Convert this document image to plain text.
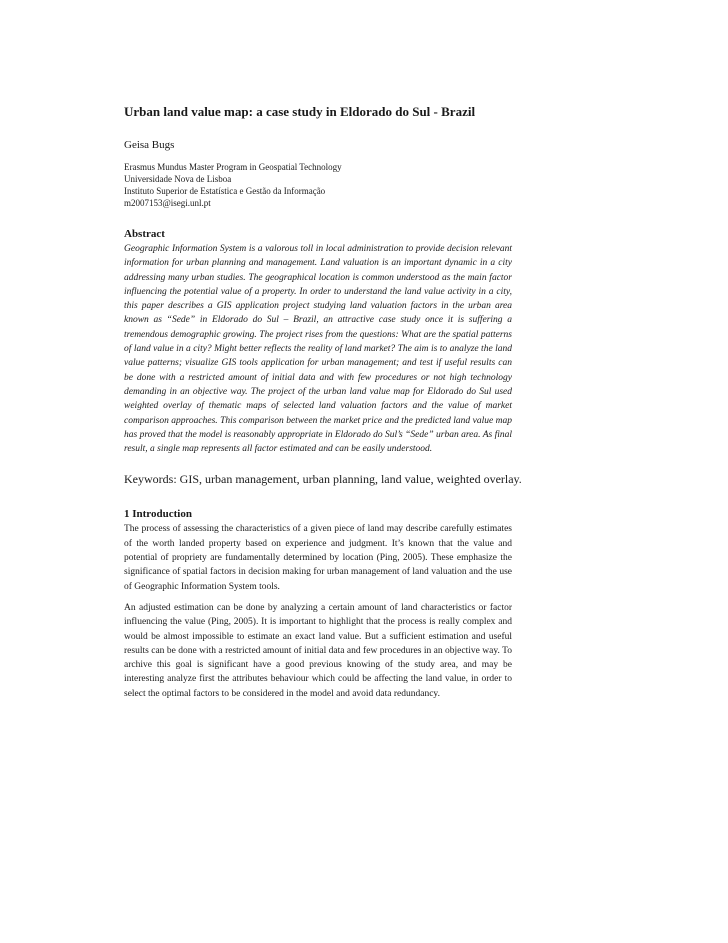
Urban land value map: a case study in Eldorado do Sul - Brazil

Geisa Bugs

Erasmus Mundus Master Program in Geospatial Technology

Universidade Nova de Lisboa

Instituto Superior de Estatística e Gestão da Informação

m2007153@isegi.unl.pt

Abstract

Geographic Information System is a valorous toll in local administration to provide decision relevant information for urban planning and management. Land valuation is an important dynamic in a city addressing many urban studies. The geographical location is common understood as the main factor influencing the potential value of a property. In order to understand the land value activity in a city, this paper describes a GIS application project studying land valuation factors in the urban area known as “Sede” in Eldorado do Sul – Brazil, an attractive case study once it is suffering a tremendous demographic growing. The project rises from the questions: What are the spatial patterns of land value in a city? Might better reflects the reality of land market? The aim is to analyze the land value patterns; visualize GIS tools application for urban management; and test if useful results can be done with a restricted amount of initial data and with few procedures or not high technology demanding in an objective way. The project of the urban land value map for Eldorado do Sul used weighted overlay of thematic maps of selected land valuation factors and the value of market comparison approaches. This comparison between the market price and the predicted land value map has proved that the model is reasonably appropriate in Eldorado do Sul’s “Sede” urban area. As final result, a single map represents all factor estimated and can be easily understood.

Keywords: GIS, urban management, urban planning, land value, weighted overlay.

1 Introduction

The process of assessing the characteristics of a given piece of land may describe carefully estimates of the worth landed property based on experience and judgment. It’s known that the value and potential of propriety are fundamentally determined by location (Ping, 2005). These emphasize the significance of spatial factors in decision making for urban management of land valuation and the use of Geographic Information System tools.

An adjusted estimation can be done by analyzing a certain amount of land characteristics or factor influencing the value (Ping, 2005). It is important to highlight that the process is really complex and would be almost impossible to estimate an exact land value. But a sufficient estimation and useful results can be done with a restricted amount of initial data and few procedures in an objective way. To archive this goal is significant have a good previous knowing of the study area, and may be interesting analyze first the attributes behaviour which could be affecting the land value, in order to select the optimal factors to be considered in the model and avoid data redundancy.
